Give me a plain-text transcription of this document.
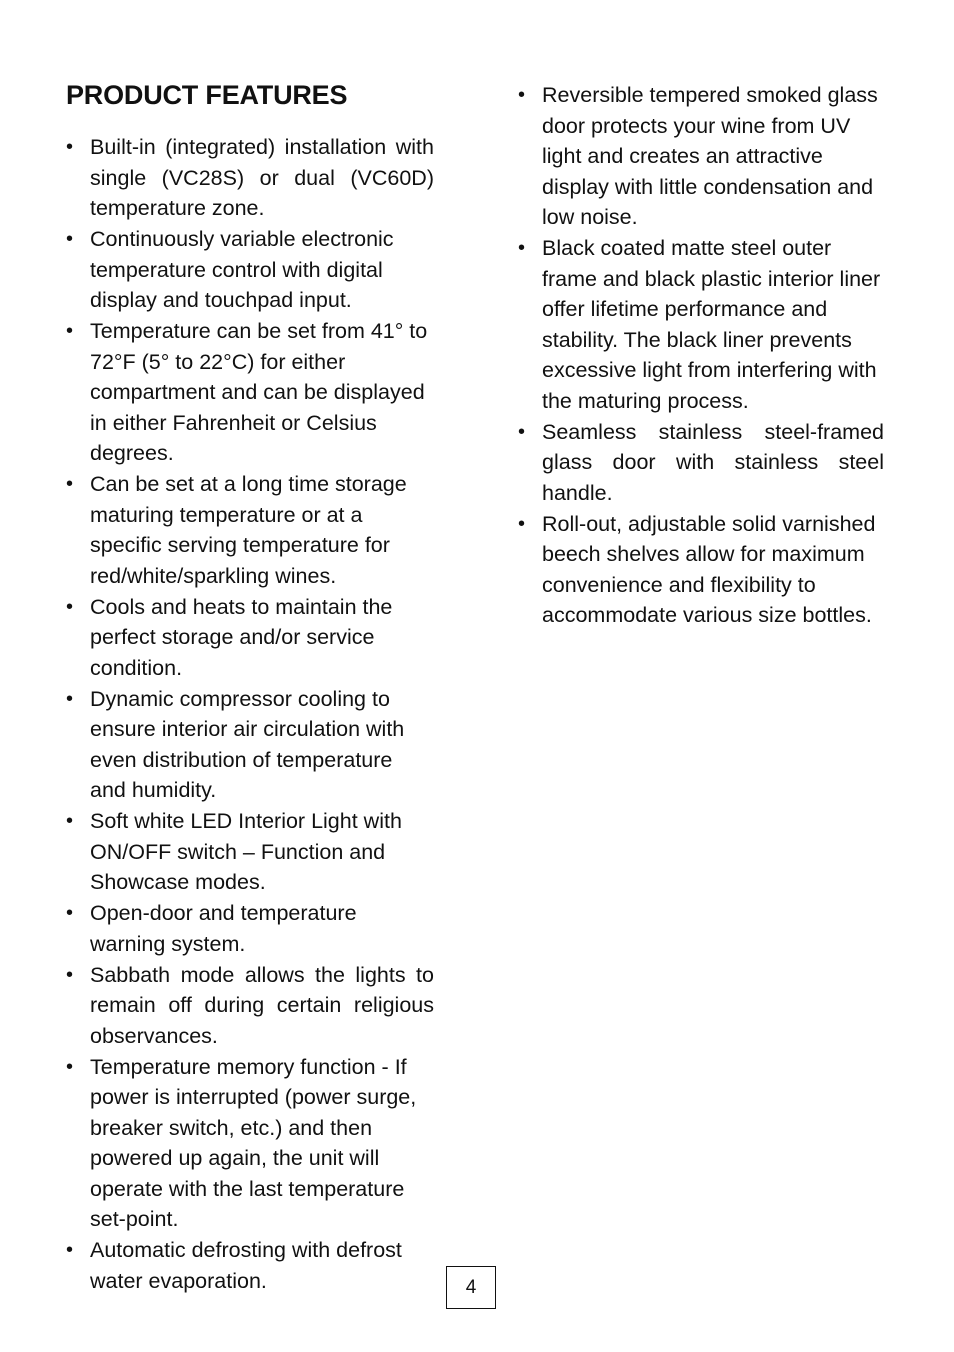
PRODUCT FEATURES
• Built-in (integrated) installation with single (VC28S) or dual (VC60D) temperature zone.
• Continuously variable electronic temperature control with digital display and touchpad input.
• Temperature can be set from 41° to 72°F (5° to 22°C) for either compartment and can be displayed in either Fahrenheit or Celsius degrees.
• Can be set at a long time storage maturing temperature or at a specific serving temperature for red/white/sparkling wines.
• Cools and heats to maintain the perfect storage and/or service condition.
• Dynamic compressor cooling to ensure interior air circulation with even distribution of temperature and humidity.
• Soft white LED Interior Light with ON/OFF switch – Function and Showcase modes.
• Open-door and temperature warning system.
• Sabbath mode allows the lights to remain off during certain religious observances.
• Temperature memory function - If power is interrupted (power surge, breaker switch, etc.) and then powered up again, the unit will operate with the last temperature set-point.
• Automatic defrosting with defrost water evaporation.
• Reversible tempered smoked glass door protects your wine from UV light and creates an attractive display with little condensation and low noise.
• Black coated matte steel outer frame and black plastic interior liner offer lifetime performance and stability. The black liner prevents excessive light from interfering with the maturing process.
• Seamless stainless steel-framed glass door with stainless steel handle.
• Roll-out, adjustable solid varnished beech shelves allow for maximum convenience and flexibility to accommodate various size bottles.
4
